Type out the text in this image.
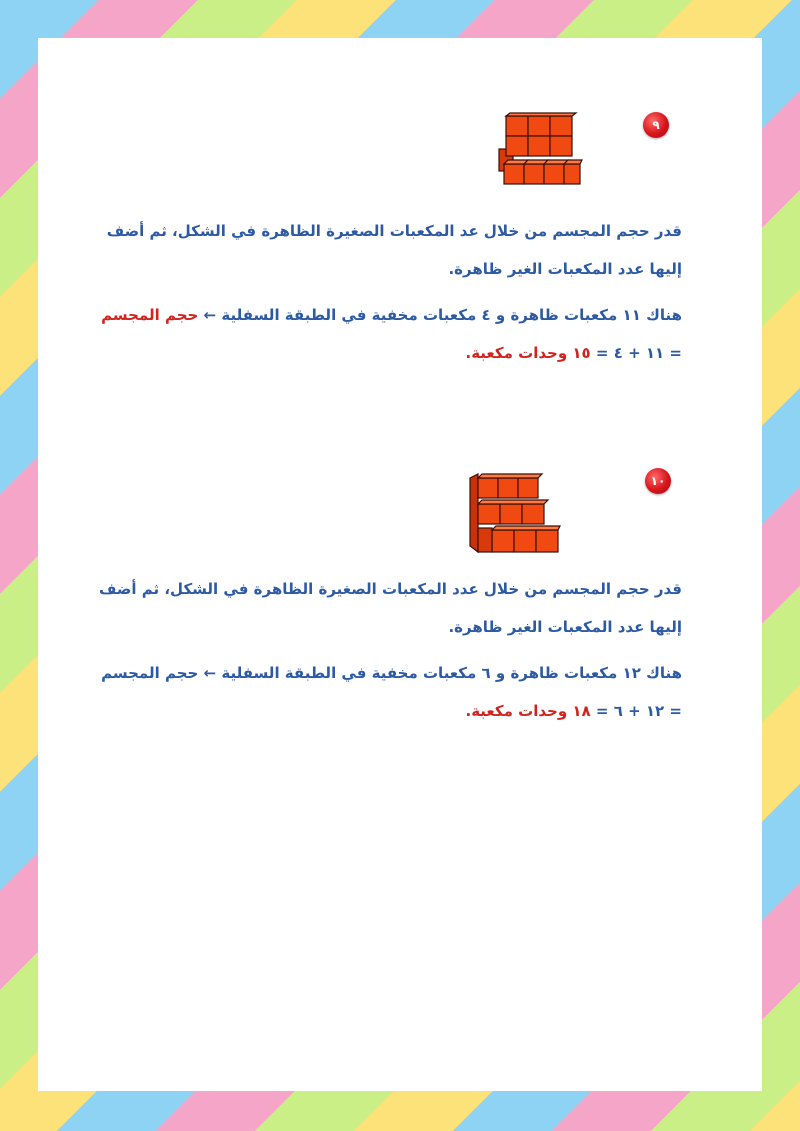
٩
قدر حجم المجسم من خلال عد المكعبات الصغيرة الظاهرة في الشكل، ثم أضف
إليها عدد المكعبات الغير ظاهرة.
هناك ١١ مكعبات ظاهرة و ٤ مكعبات مخفية في الطبقة السفلية ← حجم المجسم
= ١١ + ٤ = ١٥ وحدات مكعبة.
١٠
قدر حجم المجسم من خلال عدد المكعبات الصغيرة الظاهرة في الشكل، ثم أضف
إليها عدد المكعبات الغير ظاهرة.
هناك ١٢ مكعبات ظاهرة و ٦ مكعبات مخفية في الطبقة السفلية ← حجم المجسم
= ١٢ + ٦ = ١٨ وحدات مكعبة.
